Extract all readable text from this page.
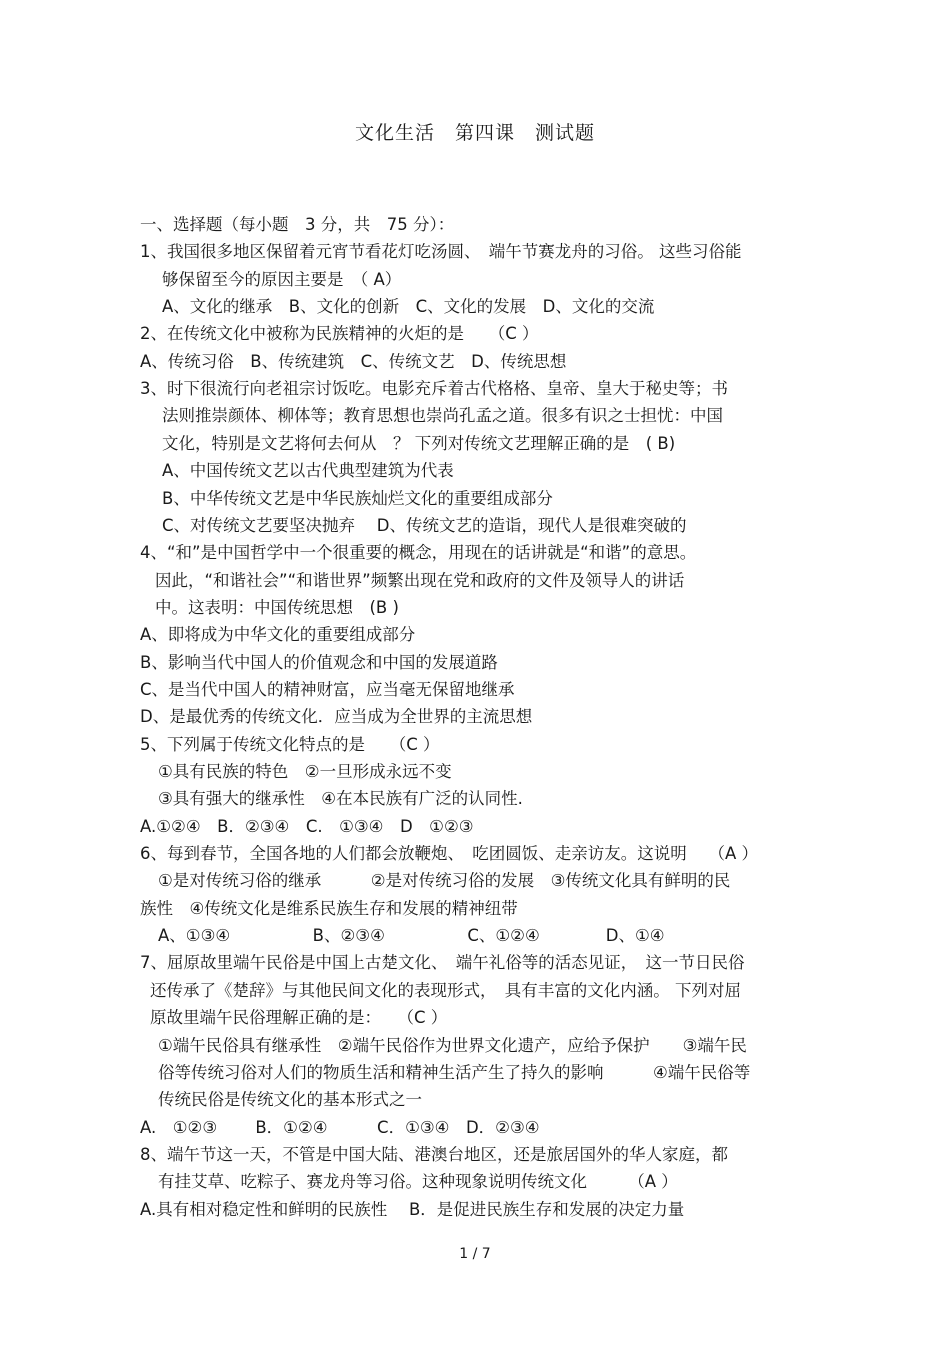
文化生活　第四课　测试题
一、选择题（每小题　3 分，共　75 分）：
1、我国很多地区保留着元宵节看花灯吃汤圆、　端午节赛龙舟的习俗。 这些习俗能
够保留至今的原因主要是　（ A）
A、文化的继承　B、文化的创新　C、文化的发展　D、文化的交流
2、在传统文化中被称为民族精神的火炬的是　　（C ）
A、传统习俗　B、传统建筑　C、传统文艺　D、传统思想
3、时下很流行向老祖宗讨饭吃。电影充斥着古代格格、皇帝、皇大于秘史等；书
法则推崇颜体、柳体等；教育思想也崇尚孔孟之道。很多有识之士担忧：中国
文化，特别是文艺将何去何从　？ 下列对传统文艺理解正确的是　( B)
A、中国传统文艺以古代典型建筑为代表
B、中华传统文艺是中华民族灿烂文化的重要组成部分
C、对传统文艺要坚决抛弃　 D、传统文艺的造诣，现代人是很难突破的
4、“和”是中国哲学中一个很重要的概念，用现在的话讲就是“和谐”的意思。
因此，“和谐社会”“和谐世界”频繁出现在党和政府的文件及领导人的讲话
中。这表明：中国传统思想　(B )
A、即将成为中华文化的重要组成部分
B、影响当代中国人的价值观念和中国的发展道路
C、是当代中国人的精神财富，应当毫无保留地继承
D、是最优秀的传统文化．应当成为全世界的主流思想
5、下列属于传统文化特点的是　　（C ）
①具有民族的特色　②一旦形成永远不变
③具有强大的继承性　④在本民族有广泛的认同性.
A.①②④　B．②③④　C.　①③④　D　①②③
6、每到春节，全国各地的人们都会放鞭炮、　吃团圆饭、走亲访友。这说明　 （A ）
①是对传统习俗的继承　　　②是对传统习俗的发展　③传统文化具有鲜明的民
族性　④传统文化是维系民族生存和发展的精神纽带
A、①③④　　　　　B、②③④　　　　　C、①②④　　　　D、①④
7、屈原故里端午民俗是中国上古楚文化、　端午礼俗等的活态见证，　这一节日民俗
还传承了《楚辞》与其他民间文化的表现形式，　具有丰富的文化内涵。 下列对屈
原故里端午民俗理解正确的是：　　（C ）
①端午民俗具有继承性　②端午民俗作为世界文化遗产，应给予保护　　③端午民
俗等传统习俗对人们的物质生活和精神生活产生了持久的影响　　　④端午民俗等
传统民俗是传统文化的基本形式之一
A.　①②③　　 B．①②④　　　C．①③④　D．②③④
8、端午节这一天，不管是中国大陆、港澳台地区，还是旅居国外的华人家庭，都
有挂艾草、吃粽子、赛龙舟等习俗。这种现象说明传统文化　　　（A ）
A.具有相对稳定性和鲜明的民族性　 B．是促进民族生存和发展的决定力量
1 / 7
